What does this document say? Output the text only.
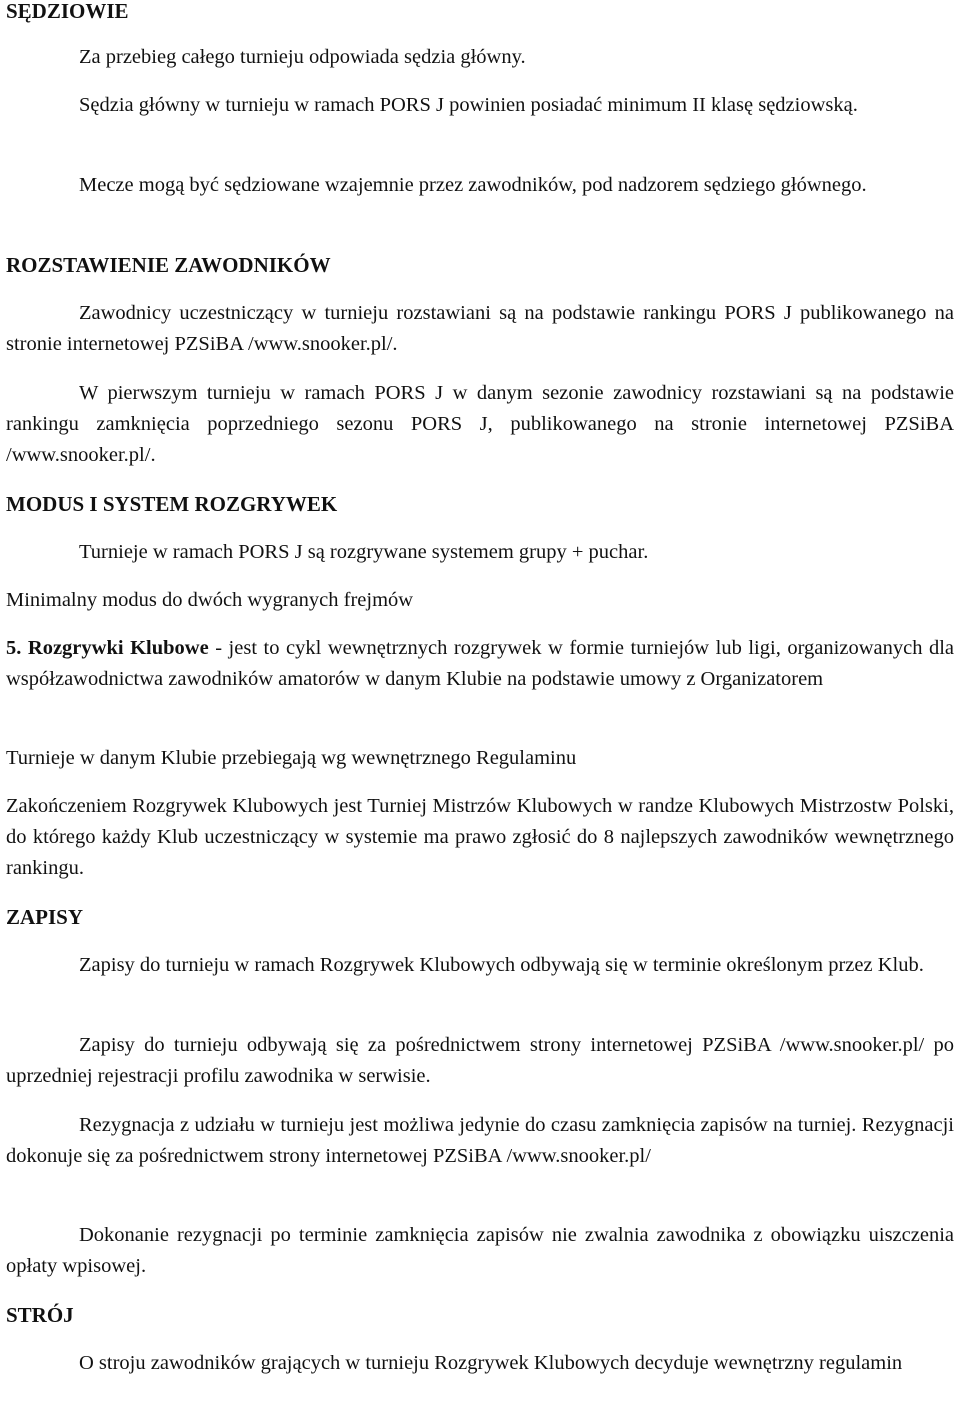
SĘDZIOWIE

Za przebieg całego turnieju odpowiada sędzia główny.

Sędzia główny w turnieju w ramach PORS J powinien posiadać minimum II klasę sędziowską.

Mecze mogą być sędziowane wzajemnie przez zawodników, pod nadzorem sędziego głównego.

ROZSTAWIENIE ZAWODNIKÓW

Zawodnicy uczestniczący w turnieju rozstawiani są na podstawie rankingu PORS J publikowanego na stronie internetowej PZSiBA /www.snooker.pl/.

W pierwszym turnieju w ramach PORS J w danym sezonie zawodnicy rozstawiani są na podstawie rankingu zamknięcia poprzedniego sezonu PORS J, publikowanego na stronie internetowej PZSiBA /www.snooker.pl/.

MODUS I SYSTEM ROZGRYWEK

Turnieje w ramach PORS J są rozgrywane systemem grupy + puchar.

Minimalny modus do dwóch wygranych frejmów

5. Rozgrywki Klubowe - jest to cykl wewnętrznych rozgrywek w formie turniejów lub ligi, organizowanych dla współzawodnictwa zawodników amatorów w danym Klubie na podstawie umowy z Organizatorem

Turnieje w danym Klubie przebiegają wg wewnętrznego Regulaminu

Zakończeniem Rozgrywek Klubowych jest Turniej Mistrzów Klubowych w randze Klubowych Mistrzostw Polski, do którego każdy Klub uczestniczący w systemie ma prawo zgłosić do 8 najlepszych zawodników wewnętrznego rankingu.

ZAPISY

Zapisy do turnieju w ramach Rozgrywek Klubowych odbywają się w terminie określonym przez Klub.

Zapisy do turnieju odbywają się za pośrednictwem strony internetowej PZSiBA /www.snooker.pl/ po uprzedniej rejestracji profilu zawodnika w serwisie.

Rezygnacja z udziału w turnieju jest możliwa jedynie do czasu zamknięcia zapisów na turniej. Rezygnacji dokonuje się za pośrednictwem strony internetowej PZSiBA /www.snooker.pl/

Dokonanie rezygnacji po terminie zamknięcia zapisów nie zwalnia zawodnika z obowiązku uiszczenia opłaty wpisowej.

STRÓJ

O stroju zawodników grających w turnieju Rozgrywek Klubowych decyduje wewnętrzny regulamin
